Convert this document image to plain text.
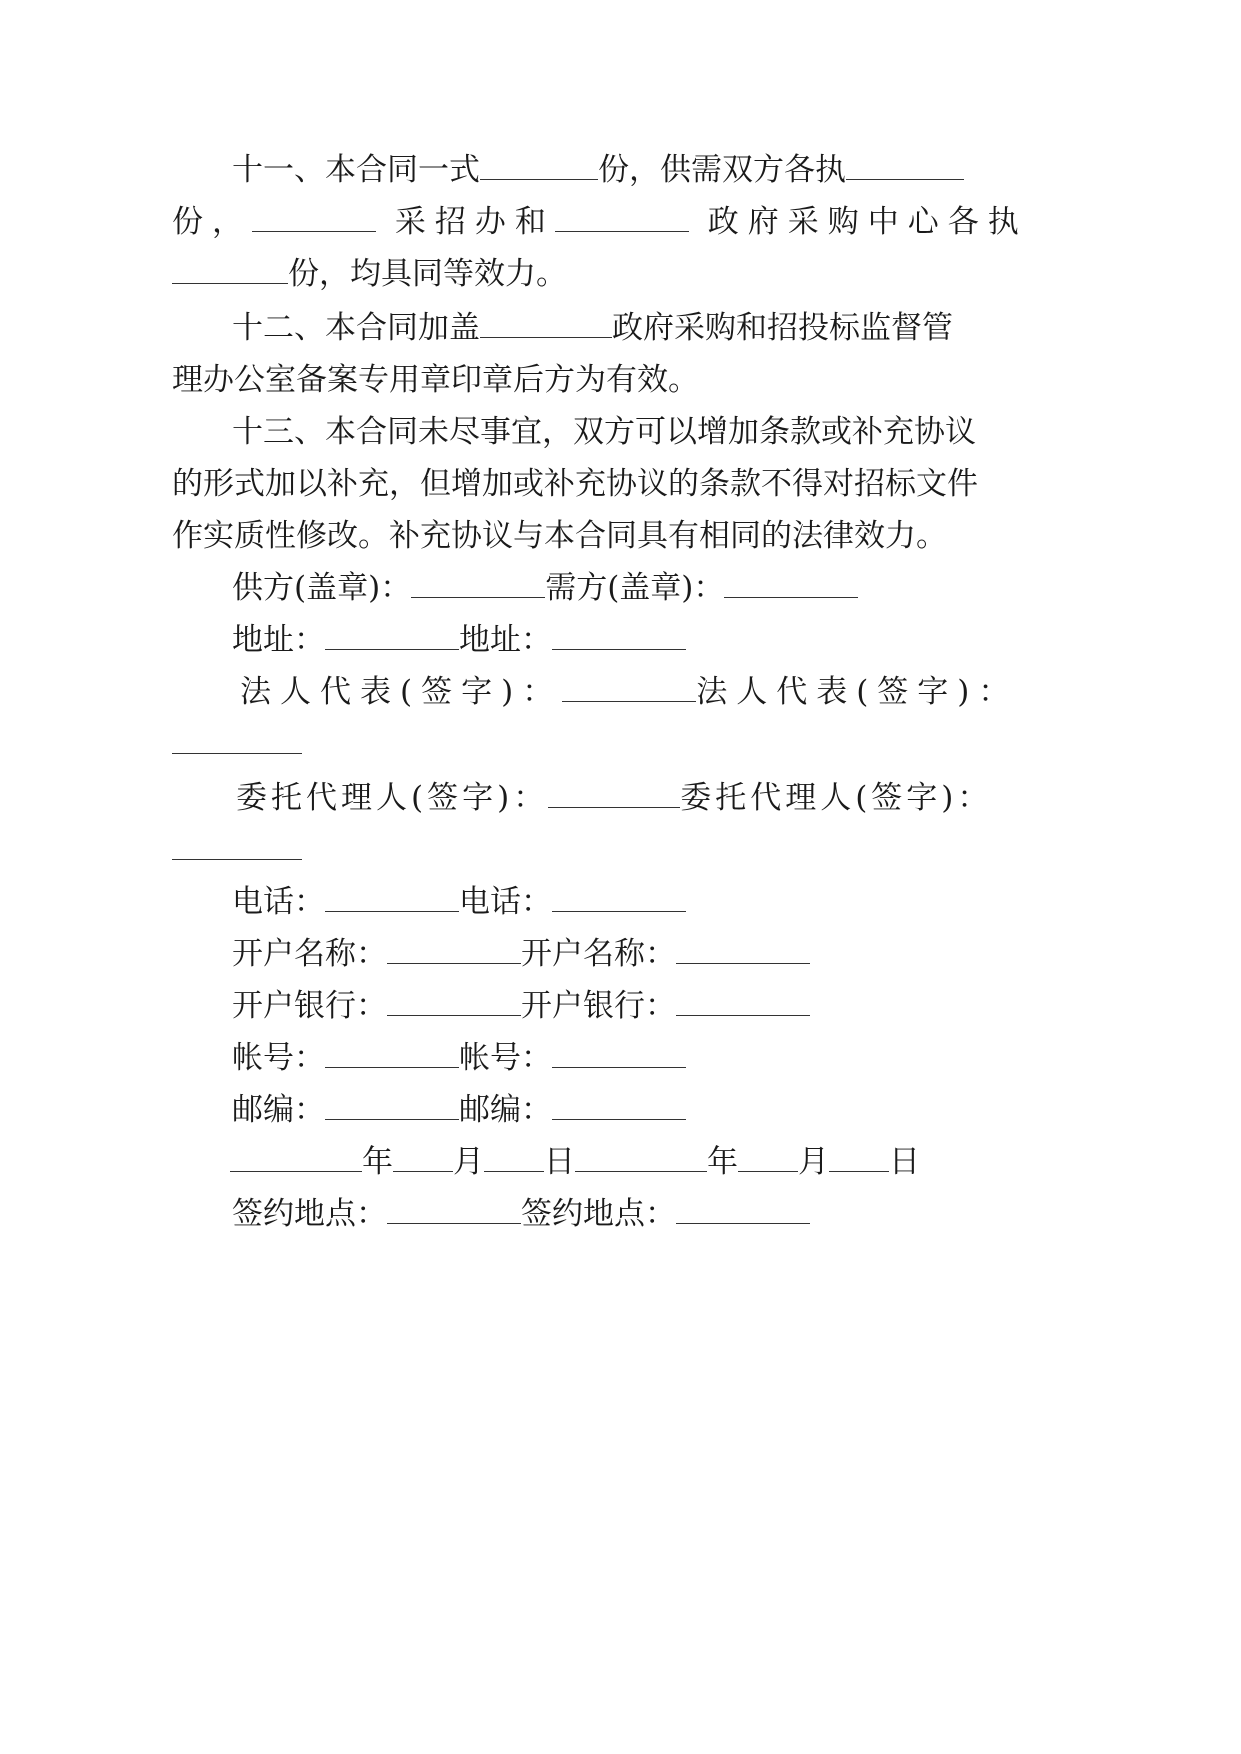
十一、本合同一式	份，供需双方各执
份，	采招办和	政府采购中心各执
份，均具同等效力。
十二、本合同加盖	政府采购和招投标监督管
理办公室备案专用章印章后方为有效。
十三、本合同未尽事宜，双方可以增加条款或补充协议
的形式加以补充，但增加或补充协议的条款不得对招标文件
作实质性修改。补充协议与本合同具有相同的法律效力。
供方(盖章)：	需方(盖章)：
地址：	地址：
法人代表(签字)：	法人代表(签字)：
委托代理人(签字)：	委托代理人(签字)：
电话：	电话：
开户名称：	开户名称：
开户银行：	开户银行：
帐号：	帐号：
邮编：	邮编：
年 月 日	年 月 日
签约地点：	签约地点：
